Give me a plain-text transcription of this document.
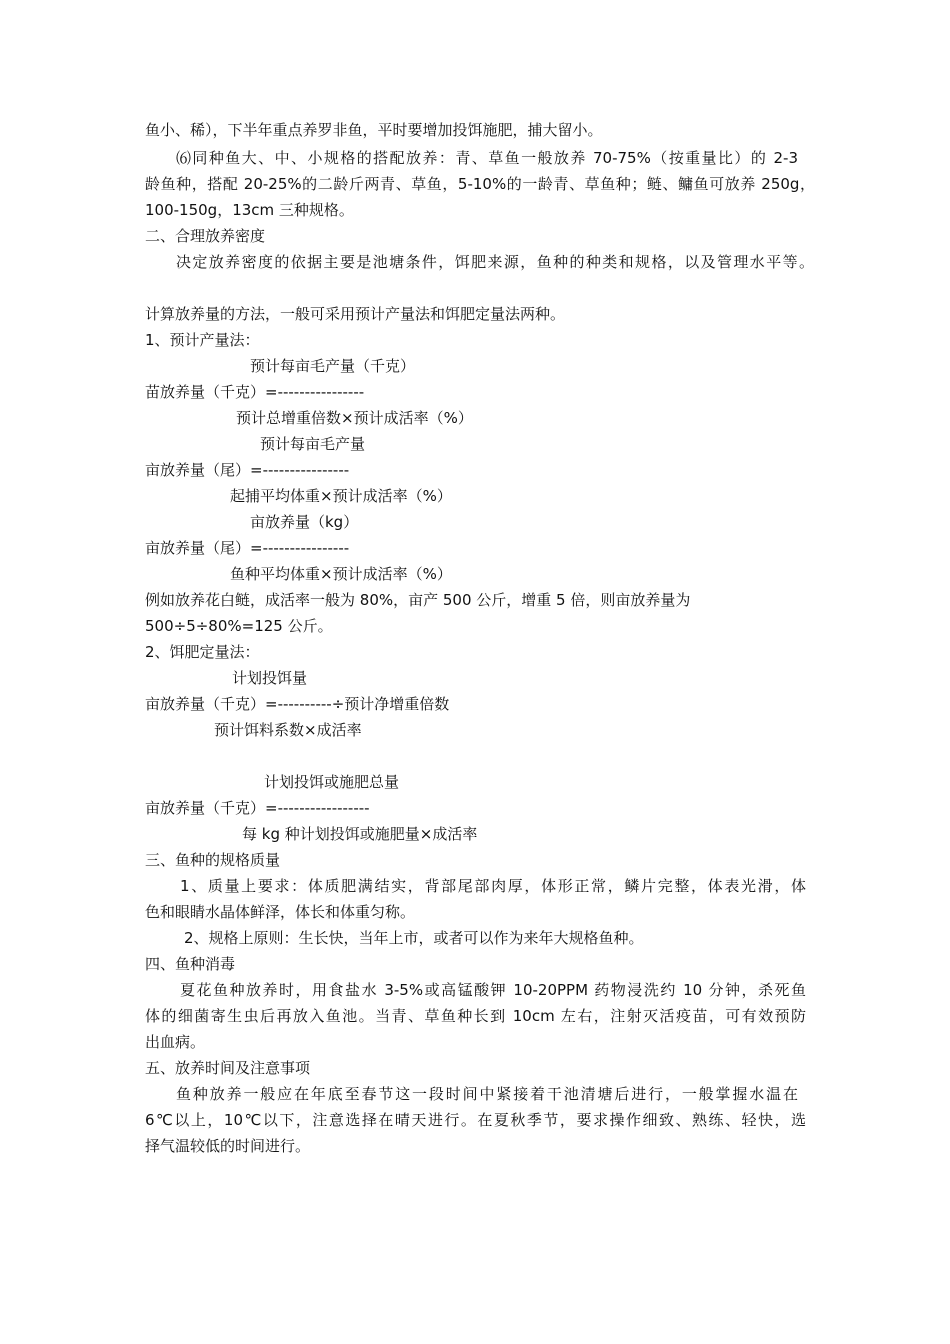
鱼小、稀），下半年重点养罗非鱼，平时要增加投饵施肥，捕大留小。
⑹同种鱼大、中、小规格的搭配放养：青、草鱼一般放养 70-75%（按重量比）的 2-3
龄鱼种，搭配 20-25%的二龄斤两青、草鱼，5-10%的一龄青、草鱼种；鲢、鳙鱼可放养 250g，
100-150g，13cm 三种规格。
二、合理放养密度
决定放养密度的依据主要是池塘条件，饵肥来源，鱼种的种类和规格，以及管理水平等。
计算放养量的方法，一般可采用预计产量法和饵肥定量法两种。
1、预计产量法：
预计每亩毛产量（千克）
苗放养量（千克）=----------------
预计总增重倍数×预计成活率（%）
预计每亩毛产量
亩放养量（尾）=----------------
起捕平均体重×预计成活率（%）
亩放养量（kg）
亩放养量（尾）=----------------
鱼种平均体重×预计成活率（%）
例如放养花白鲢，成活率一般为 80%，亩产 500 公斤，增重 5 倍，则亩放养量为
500÷5÷80%=125 公斤。
2、饵肥定量法：
计划投饵量
亩放养量（千克）=----------÷预计净增重倍数
预计饵料系数×成活率
计划投饵或施肥总量
亩放养量（千克）=-----------------
每 kg 种计划投饵或施肥量×成活率
三、鱼种的规格质量
1、质量上要求：体质肥满结实，背部尾部肉厚，体形正常，鳞片完整，体表光滑，体
色和眼睛水晶体鲜泽，体长和体重匀称。
2、规格上原则：生长快，当年上市，或者可以作为来年大规格鱼种。
四、鱼种消毒
夏花鱼种放养时，用食盐水 3-5%或高锰酸钾 10-20PPM 药物浸洗约 10 分钟，杀死鱼
体的细菌寄生虫后再放入鱼池。当青、草鱼种长到 10cm 左右，注射灭活疫苗，可有效预防
出血病。
五、放养时间及注意事项
鱼种放养一般应在年底至春节这一段时间中紧接着干池清塘后进行，一般掌握水温在
6℃以上，10℃以下，注意选择在晴天进行。在夏秋季节，要求操作细致、熟练、轻快，选
择气温较低的时间进行。
